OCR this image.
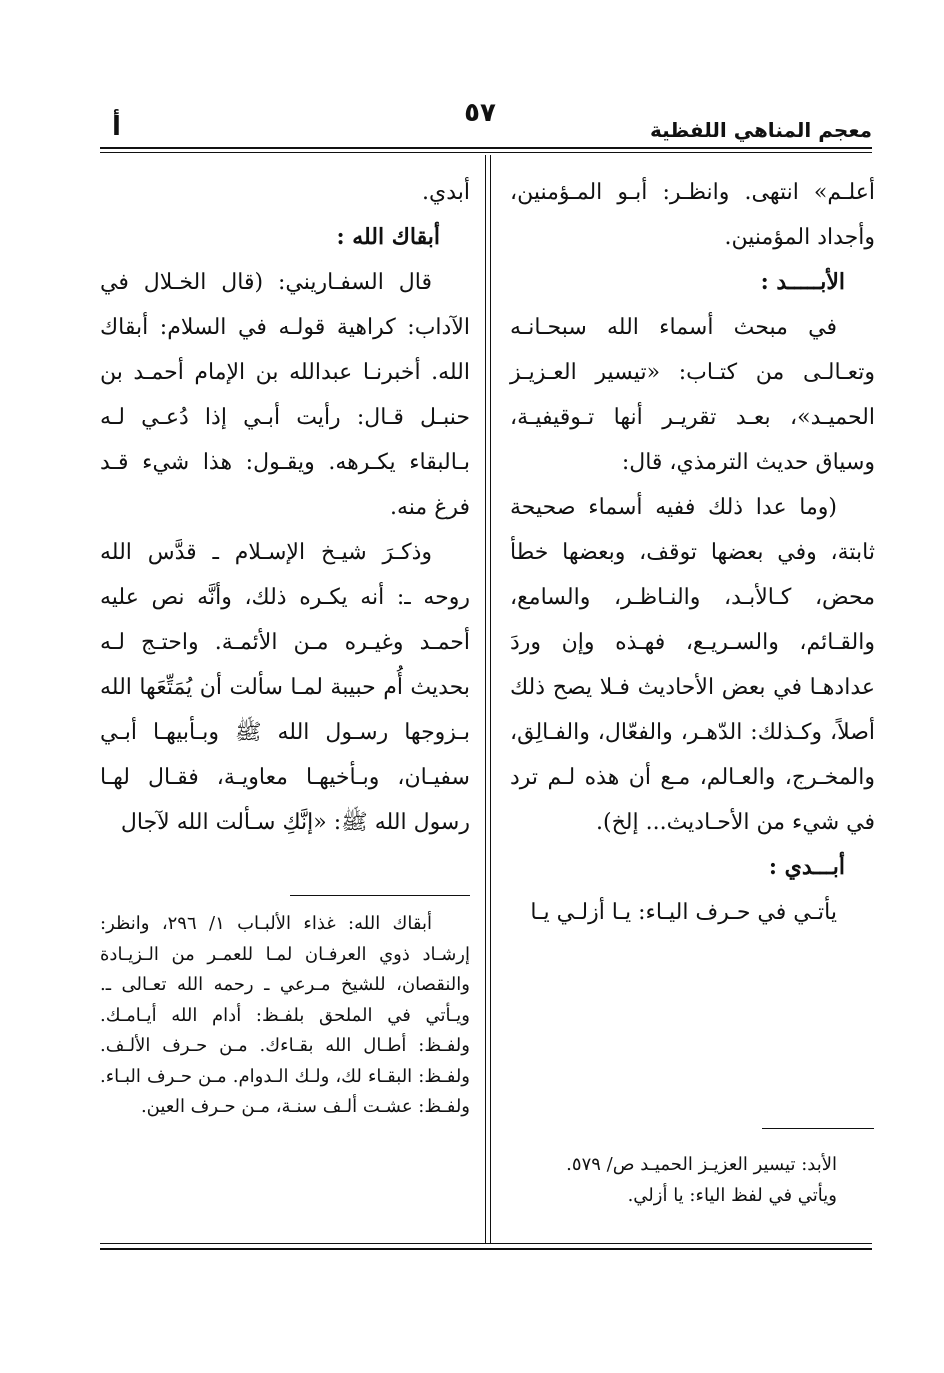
معجم المناهي اللفظية
٥٧
أ

أعلـم» انتهى. وانظـر: أبـو المـؤمنين، وأجداد المؤمنين.

الأبـــــد :

في مبحث أسماء الله سبحـانـه وتعـالـى من كتـاب: «تيسير العـزيـز الحميـد»، بعـد تقريـر أنها تـوقيفيـة، وسياق حديث الترمذي، قال:

(وما عدا ذلك ففيه أسماء صحيحة ثابتة، وفي بعضها توقف، وبعضها خطأ محض، كـالأبـد، والنـاظـر، والسامع، والقـائم، والسـريـع، فهـذه وإن وردَ عدادهـا في بعض الأحاديث فـلا يصح ذلك أصلاً، وكـذلك: الدّهـر، والفعّال، والفـالِق، والمخـرج، والعـالم، مـع أن هذه لـم ترد في شيء من الأحـاديث... إلخ).

أبـــدي :

يأتـي في حـرف اليـاء: يـا أزلـي يـا

الأبد: تيسير العزيـز الحميـد ص/ ٥٧٩.

ويأتي في لفظ الياء: يا أزلي.

أبدي.

أبقاك الله :

قال السفـاريني: (قال الخـلال في الآداب: كراهية قولـه في السلام: أبقاك الله. أخبرنـا عبدالله بن الإمام أحمـد بن حنبـل قـال: رأيت أبـي إذا دُعـي لـه بـالبقاء يكـرهه. ويقـول: هذا شيء قـد فرغ منه.

وذكـرَ شيـخ الإسـلام ـ قدَّس الله روحه ـ: أنه يكـره ذلك، وأنَّه نص عليه أحمـد وغيـره مـن الأئمـة. واحتـج لـه بحديث أُم حبيبة لمـا سألت أن يُمَتِّعَها الله بـزوجها رسـول الله ﷺ وبـأبيهـا أبـي سفيـان، وبـأخيهـا معاويـة، فقـال لهـا رسول الله ﷺ: «إنَّكِ سـألت الله لآجال

أبقاك الله: غذاء الألبـاب ١/ ٢٩٦، وانظر: إرشـاد ذوي العرفـان لمـا للعمـر من الـزيـادة والنقصان، للشيخ مـرعي ـ رحمه الله تعـالى ـ. ويـأتي في الملحق بلفـظ: أدام الله أيـامـك. ولفـظ: أطـال الله بقـاءك. مـن حـرف الألـف. ولفـظ: البقـاء لك، ولـك الـدوام. مـن حـرف البـاء. ولفـظ: عشـت ألـف سنـة، مـن حـرف العين.
